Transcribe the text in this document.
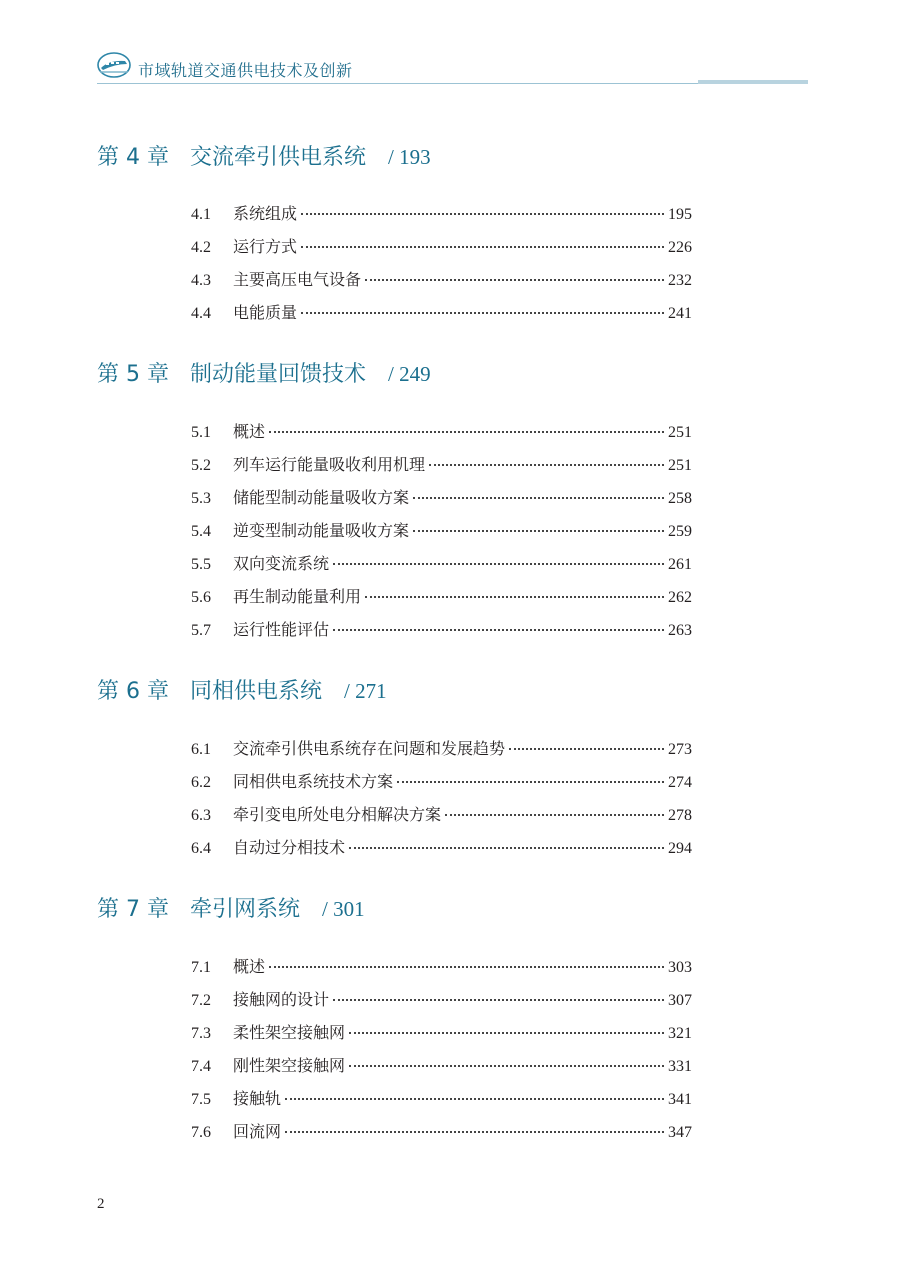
市域轨道交通供电技术及创新
第 4 章 交流牵引供电系统 / 193
4.1	系统组成	195
4.2	运行方式	226
4.3	主要高压电气设备	232
4.4	电能质量	241
第 5 章 制动能量回馈技术 / 249
5.1	概述	251
5.2	列车运行能量吸收利用机理	251
5.3	储能型制动能量吸收方案	258
5.4	逆变型制动能量吸收方案	259
5.5	双向变流系统	261
5.6	再生制动能量利用	262
5.7	运行性能评估	263
第 6 章 同相供电系统 / 271
6.1	交流牵引供电系统存在问题和发展趋势	273
6.2	同相供电系统技术方案	274
6.3	牵引变电所处电分相解决方案	278
6.4	自动过分相技术	294
第 7 章 牵引网系统 / 301
7.1	概述	303
7.2	接触网的设计	307
7.3	柔性架空接触网	321
7.4	刚性架空接触网	331
7.5	接触轨	341
7.6	回流网	347
2
